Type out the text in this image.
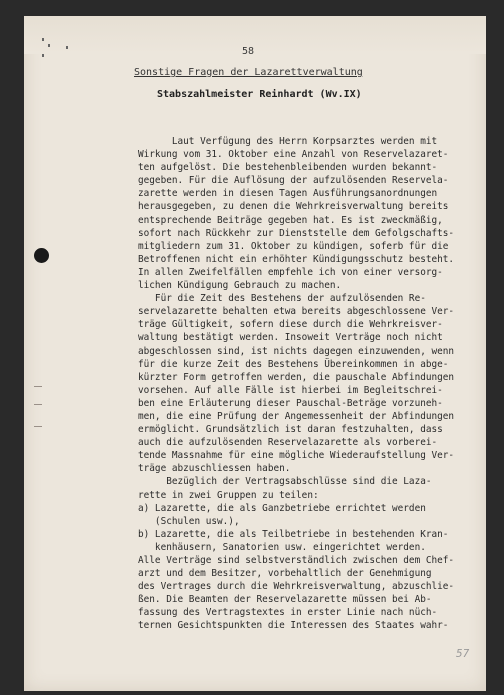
58
Sonstige Fragen der Lazarettverwaltung
Stabszahlmeister Reinhardt (Wv.IX)
Laut Verfügung des Herrn Korpsarztes werden mit
Wirkung vom 31. Oktober eine Anzahl von Reservelazaret-
ten aufgelöst. Die bestehenbleibenden wurden bekannt-
gegeben. Für die Auflösung der aufzulösenden Reservela-
zarette werden in diesen Tagen Ausführungsanordnungen
herausgegeben, zu denen die Wehrkreisverwaltung bereits
entsprechende Beiträge gegeben hat. Es ist zweckmäßig,
sofort nach Rückkehr zur Dienststelle dem Gefolgschafts-
mitgliedern zum 31. Oktober zu kündigen, soferb für die
Betroffenen nicht ein erhöhter Kündigungsschutz besteht.
In allen Zweifelfällen empfehle ich von einer versorg-
lichen Kündigung Gebrauch zu machen.
Für die Zeit des Bestehens der aufzulösenden Re-
servelazarette behalten etwa bereits abgeschlossene Ver-
träge Gültigkeit, sofern diese durch die Wehrkreisver-
waltung bestätigt werden. Insoweit Verträge noch nicht
abgeschlossen sind, ist nichts dagegen einzuwenden, wenn
für die kurze Zeit des Bestehens Übereinkommen in abge-
kürzter Form getroffen werden, die pauschale Abfindungen
vorsehen. Auf alle Fälle ist hierbei im Begleitschrei-
ben eine Erläuterung dieser Pauschal-Beträge vorzuneh-
men, die eine Prüfung der Angemessenheit der Abfindungen
ermöglicht. Grundsätzlich ist daran festzuhalten, dass
auch die aufzulösenden Reservelazarette als vorberei-
tende Massnahme für eine mögliche Wiederaufstellung Ver-
träge abzuschliessen haben.
Bezüglich der Vertragsabschlüsse sind die Laza-
rette in zwei Gruppen zu teilen:
a) Lazarette, die als Ganzbetriebe errichtet werden
(Schulen usw.),
b) Lazarette, die als Teilbetriebe in bestehenden Kran-
kenhäusern, Sanatorien usw. eingerichtet werden.
Alle Verträge sind selbstverständlich zwischen dem Chef-
arzt und dem Besitzer, vorbehaltlich der Genehmigung
des Vertrages durch die Wehrkreisverwaltung, abzuschlie-
ßen. Die Beamten der Reservelazarette müssen bei Ab-
fassung des Vertragstextes in erster Linie nach nüch-
ternen Gesichtspunkten die Interessen des Staates wahr-
57
